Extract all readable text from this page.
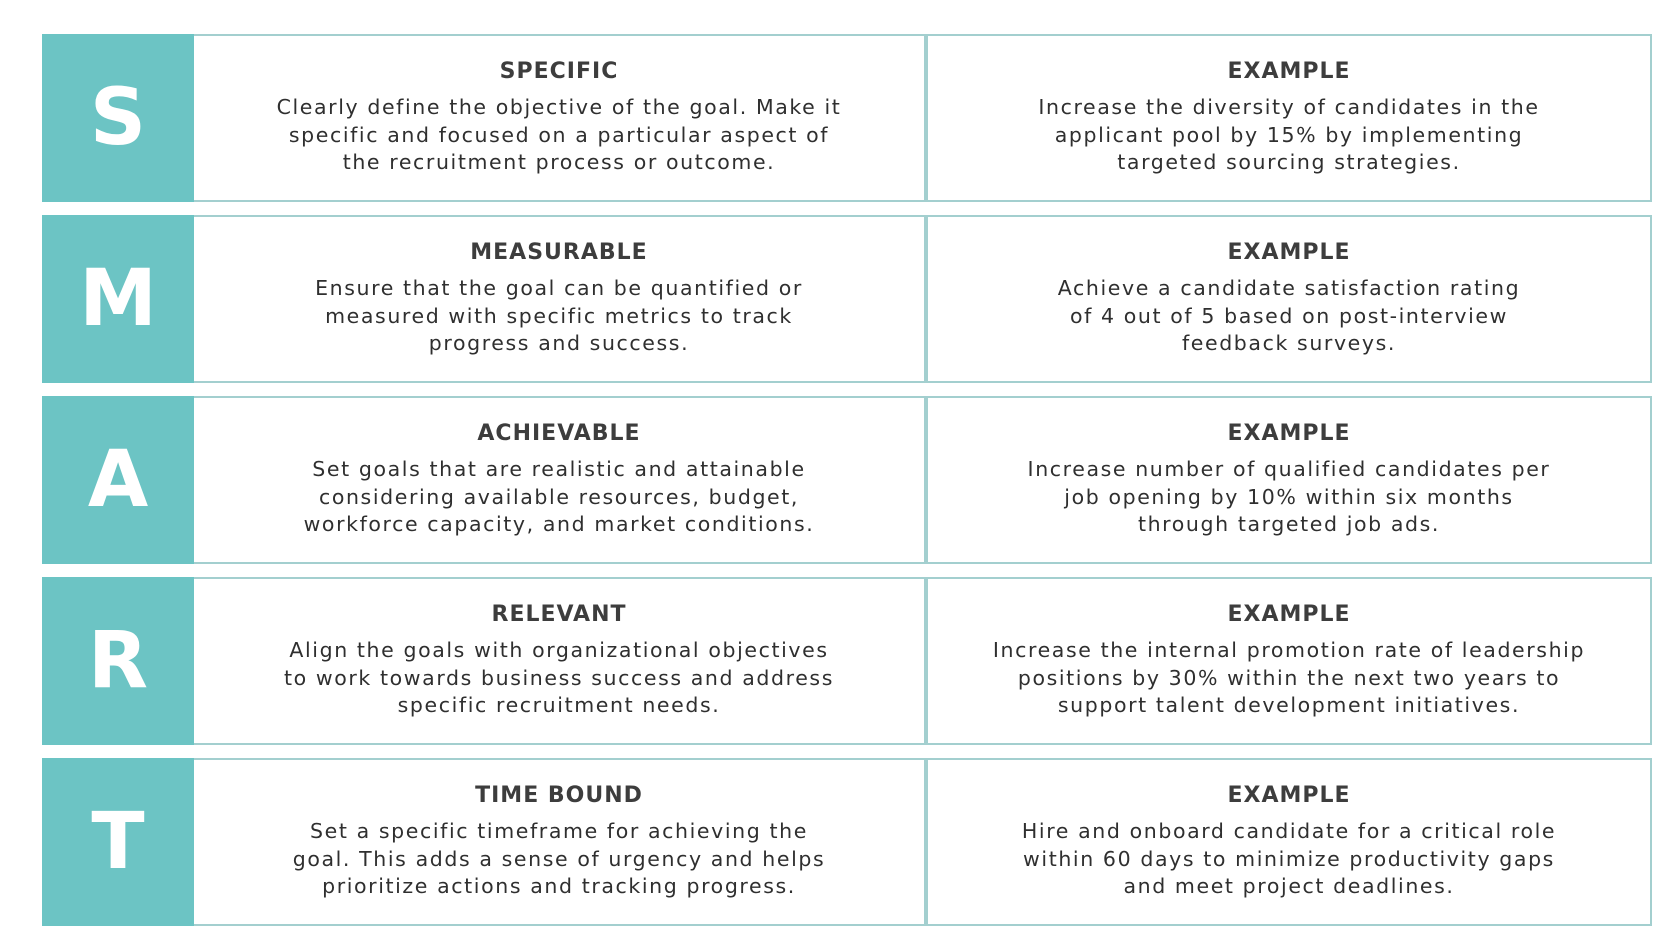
S
SPECIFIC
Clearly define the objective of the goal. Make it
specific and focused on a particular aspect of
the recruitment process or outcome.
EXAMPLE
Increase the diversity of candidates in the
applicant pool by 15% by implementing
targeted sourcing strategies.
M
MEASURABLE
Ensure that the goal can be quantified or
measured with specific metrics to track
progress and success.
EXAMPLE
Achieve a candidate satisfaction rating
of 4 out of 5 based on post-interview
feedback surveys.
A
ACHIEVABLE
Set goals that are realistic and attainable
considering available resources, budget,
workforce capacity, and market conditions.
EXAMPLE
Increase number of qualified candidates per
job opening by 10% within six months
through targeted job ads.
R
RELEVANT
Align the goals with organizational objectives
to work towards business success and address
specific recruitment needs.
EXAMPLE
Increase the internal promotion rate of leadership
positions by 30% within the next two years to
support talent development initiatives.
T
TIME BOUND
Set a specific timeframe for achieving the
goal. This adds a sense of urgency and helps
prioritize actions and tracking progress.
EXAMPLE
Hire and onboard candidate for a critical role
within 60 days to minimize productivity gaps
and meet project deadlines.
